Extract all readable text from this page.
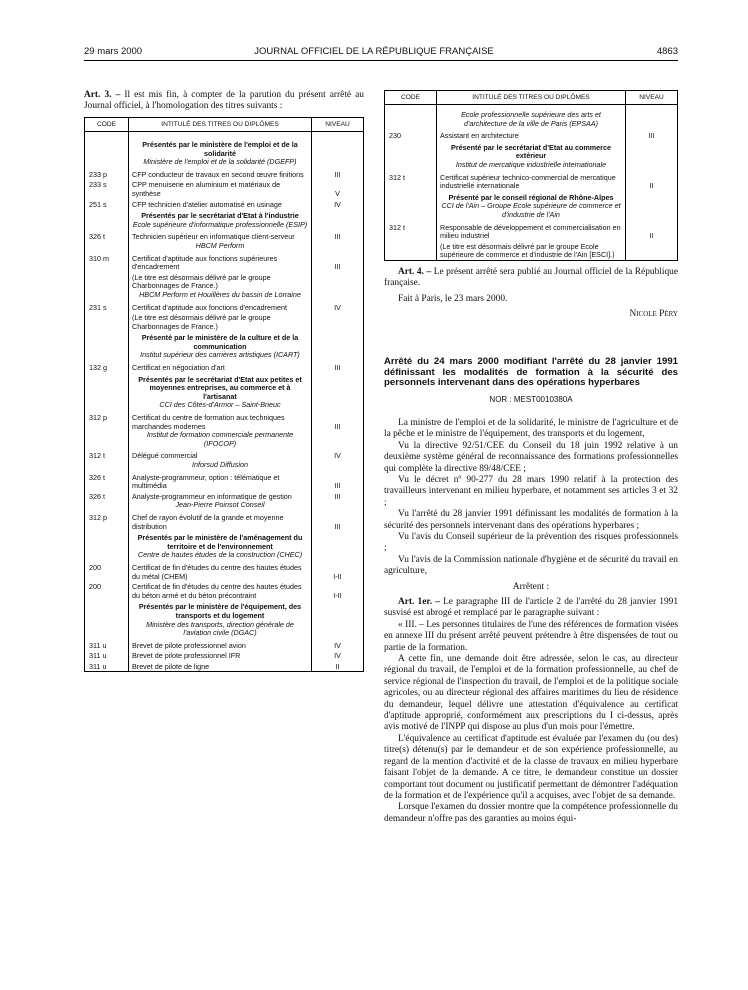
29 mars 2000	JOURNAL OFFICIEL DE LA RÉPUBLIQUE FRANÇAISE	4863

Art. 3. – Il est mis fin, à compter de la parution du présent arrêté au Journal officiel, à l'homologation des titres suivants :

CODE	INTITULÉ DES TITRES OU DIPLÔMES	NIVEAU

	Présentés par le ministère de l'emploi et de la solidarité	
	Ministère de l'emploi et de la solidarité (DGEFP)	
233 p	CFP conducteur de travaux en second œuvre finitions	III
233 s	CPP menuiserie en aluminium et matériaux de synthèse	V
251 s	CFP technicien d'atelier automatisé en usinage	IV
	Présentés par le secrétariat d'Etat à l'industrie	
	Ecole supérieure d'informatique professionnelle (ESIP)	
326 t	Technicien supérieur en informatique client-serveur	III
	HBCM Perform	
310 m	Certificat d'aptitude aux fonctions supérieures d'encadrement	III
	(Le titre est désormais délivré par le groupe Charbonnages de France.)	
	HBCM Perform et Houillères du bassin de Lorraine	
231 s	Certificat d'aptitude aux fonctions d'encadrement	IV
	(Le titre est désormais délivré par le groupe Charbonnages de France.)	
	Présenté par le ministère de la culture et de la communication	
	Institut supérieur des carrières artistiques (ICART)	
132 g	Certificat en négociation d'art	III
	Présentés par le secrétariat d'Etat aux petites et moyennes entreprises, au commerce et à l'artisanat	
	CCI des Côtes-d'Armor – Saint-Brieuc	
312 p	Certificat du centre de formation aux techniques marchandes modernes	III
	Institut de formation commerciale permanente (IFOCOP)	
312 t	Délégué commercial	IV
	Inforsud Diffusion	
326 t	Analyste-programmeur, option : télématique et multimédia	III
326 t	Analyste-programmeur en informatique de gestion	III
	Jean-Pierre Poinsot Conseil	
312 p	Chef de rayon évolutif de la grande et moyenne distribution	III
	Présentés par le ministère de l'aménagement du territoire et de l'environnement	
	Centre de hautes études de la construction (CHEC)	
200	Certificat de fin d'études du centre des hautes études du métal (CHEM)	I-II
200	Certificat de fin d'études du centre des hautes études du béton armé et du béton précontraint	I-II
	Présentés par le ministère de l'équipement, des transports et du logement	
	Ministère des transports, direction générale de l'aviation civile (DGAC)	
311 u	Brevet de pilote professionnel avion	IV
311 u	Brevet de pilote professionnel IFR	IV
311 u	Brevet de pilote de ligne	II
CODE	INTITULÉ DES TITRES OU DIPLÔMES	NIVEAU

	Ecole professionnelle supérieure des arts et d'architecture de la ville de Paris (EPSAA)	
230	Assistant en architecture	III
	Présenté par le secrétariat d'Etat au commerce extérieur	
	Institut de mercatique industrielle internationale	
312 t	Certificat supérieur technico-commercial de mercatique industrielle internationale	II
	Présenté par le conseil régional de Rhône-Alpes	
	CCI de l'Ain – Groupe Ecole supérieure de commerce et d'industrie de l'Ain	
312 t	Responsable de développement et commercialisation en milieu industriel	II
	(Le titre est désormais délivré par le groupe Ecole supérieure de commerce et d'industrie de l'Ain [ESCI].)	

Art. 4. – Le présent arrêté sera publié au Journal officiel de la République française.

Fait à Paris, le 23 mars 2000.

Nicole Péry

Arrêté du 24 mars 2000 modifiant l'arrêté du 28 janvier 1991 définissant les modalités de formation à la sécurité des personnels intervenant dans des opérations hyperbares

NOR : MEST0010380A

La ministre de l'emploi et de la solidarité, le ministre de l'agriculture et de la pêche et le ministre de l'équipement, des transports et du logement,

Vu la directive 92/51/CEE du Conseil du 18 juin 1992 relative à un deuxième système général de reconnaissance des formations professionnelles qui complète la directive 89/48/CEE ;

Vu le décret nº 90-277 du 28 mars 1990 relatif à la protection des travailleurs intervenant en milieu hyperbare, et notamment ses articles 3 et 32 ;

Vu l'arrêté du 28 janvier 1991 définissant les modalités de formation à la sécurité des personnels intervenant dans des opérations hyperbares ;

Vu l'avis du Conseil supérieur de la prévention des risques professionnels ;

Vu l'avis de la Commission nationale d'hygiène et de sécurité du travail en agriculture,

Arrêtent :

Art. 1er. – Le paragraphe III de l'article 2 de l'arrêté du 28 janvier 1991 susvisé est abrogé et remplacé par le paragraphe suivant :

« III. – Les personnes titulaires de l'une des références de formation visées en annexe III du présent arrêté peuvent prétendre à être dispensées de tout ou partie de la formation.

A cette fin, une demande doit être adressée, selon le cas, au directeur régional du travail, de l'emploi et de la formation professionnelle, au chef de service régional de l'inspection du travail, de l'emploi et de la politique sociale agricoles, ou au directeur régional des affaires maritimes du lieu de résidence du demandeur, lequel délivre une attestation d'équivalence au certificat d'aptitude approprié, conformément aux prescriptions du I ci-dessus, après avis motivé de l'INPP qui dispose au plus d'un mois pour l'émettre.

L'équivalence au certificat d'aptitude est évaluée par l'examen du (ou des) titre(s) détenu(s) par le demandeur et de son expérience professionnelle, au regard de la mention d'activité et de la classe de travaux en milieu hyperbare faisant l'objet de la demande. A ce titre, le demandeur constitue un dossier comportant tout document ou justificatif permettant de démontrer l'adéquation de la formation et de l'expérience qu'il a acquises, avec l'objet de sa demande.

Lorsque l'examen du dossier montre que la compétence professionnelle du demandeur n'offre pas des garanties au moins équi-
